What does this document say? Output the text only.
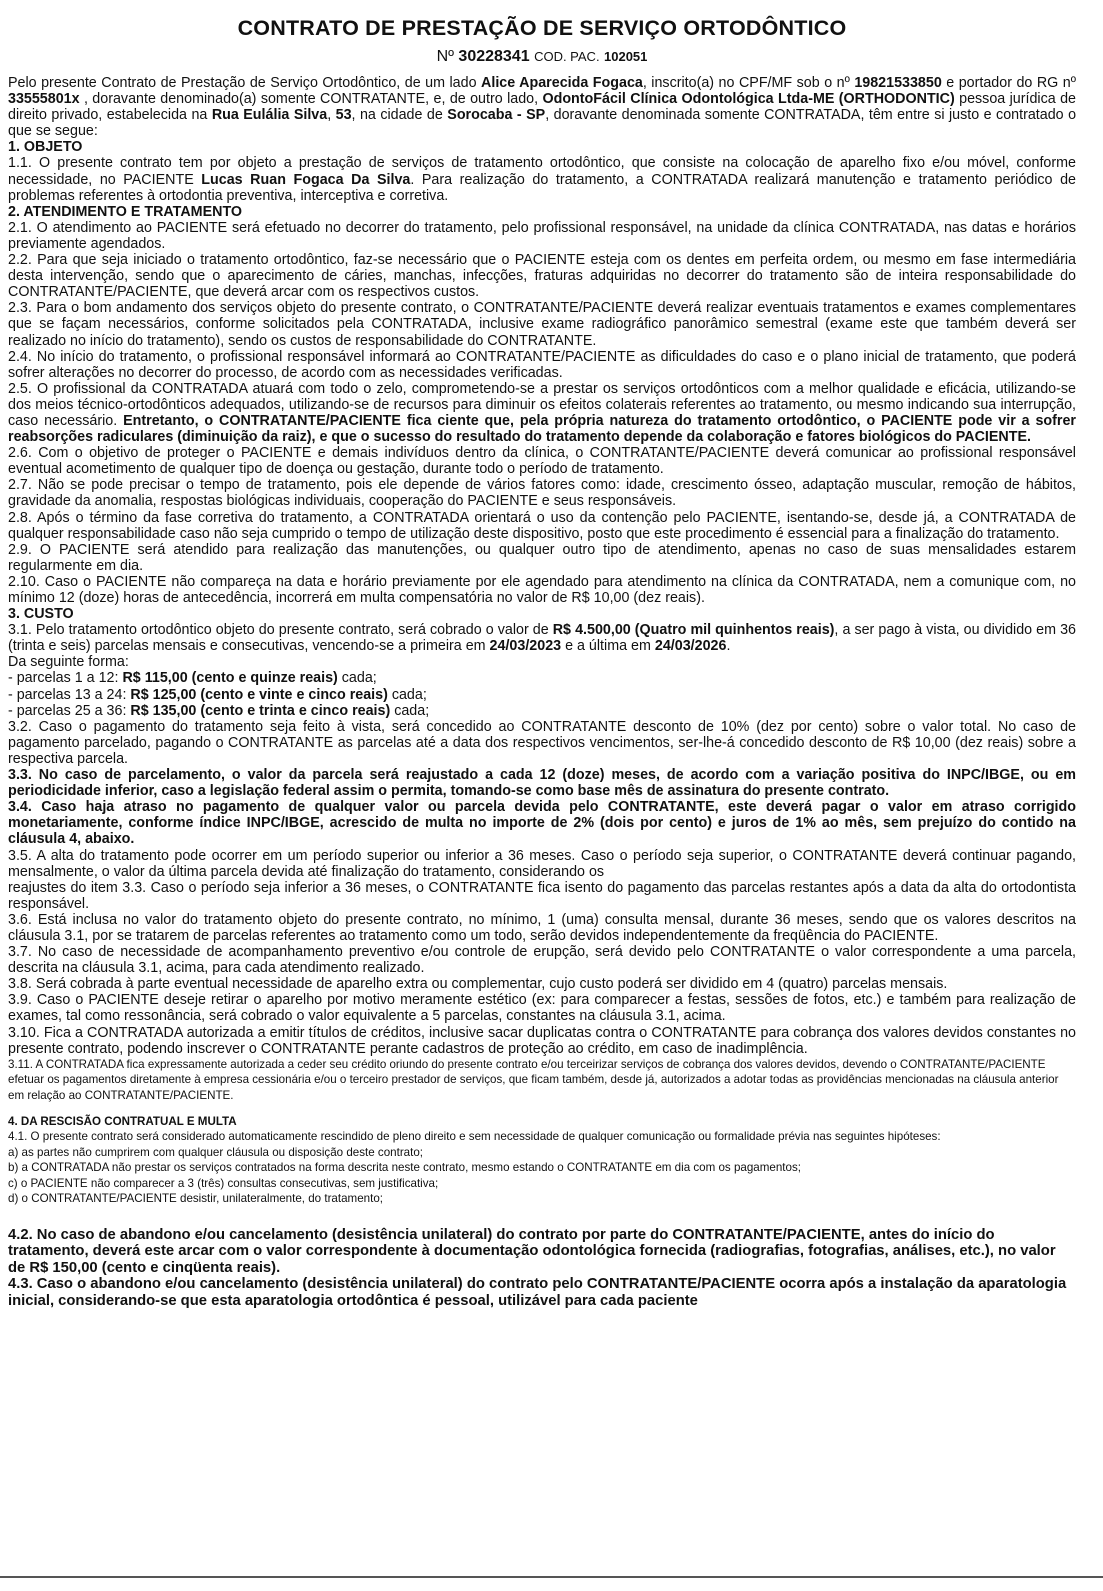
CONTRATO DE PRESTAÇÃO DE SERVIÇO ORTODÔNTICO
Nº 30228341 COD. PAC. 102051

Pelo presente Contrato de Prestação de Serviço Ortodôntico, de um lado Alice Aparecida Fogaca, inscrito(a) no CPF/MF sob o nº 19821533850 e portador do RG nº 33555801x , doravante denominado(a) somente CONTRATANTE, e, de outro lado, OdontoFácil Clínica Odontológica Ltda-ME (ORTHODONTIC) pessoa jurídica de direito privado, estabelecida na Rua Eulália Silva, 53, na cidade de Sorocaba - SP, doravante denominada somente CONTRATADA, têm entre si justo e contratado o que se segue:

1. OBJETO

1.1. O presente contrato tem por objeto a prestação de serviços de tratamento ortodôntico, que consiste na colocação de aparelho fixo e/ou móvel, conforme necessidade, no PACIENTE Lucas Ruan Fogaca Da Silva. Para realização do tratamento, a CONTRATADA realizará manutenção e tratamento periódico de problemas referentes à ortodontia preventiva, interceptiva e corretiva.

2. ATENDIMENTO E TRATAMENTO

2.1. O atendimento ao PACIENTE será efetuado no decorrer do tratamento, pelo profissional responsável, na unidade da clínica CONTRATADA, nas datas e horários previamente agendados.

2.2. Para que seja iniciado o tratamento ortodôntico, faz-se necessário que o PACIENTE esteja com os dentes em perfeita ordem, ou mesmo em fase intermediária desta intervenção, sendo que o aparecimento de cáries, manchas, infecções, fraturas adquiridas no decorrer do tratamento são de inteira responsabilidade do CONTRATANTE/PACIENTE, que deverá arcar com os respectivos custos.

2.3. Para o bom andamento dos serviços objeto do presente contrato, o CONTRATANTE/PACIENTE deverá realizar eventuais tratamentos e exames complementares que se façam necessários, conforme solicitados pela CONTRATADA, inclusive exame radiográfico panorâmico semestral (exame este que também deverá ser realizado no início do tratamento), sendo os custos de responsabilidade do CONTRATANTE.

2.4. No início do tratamento, o profissional responsável informará ao CONTRATANTE/PACIENTE as dificuldades do caso e o plano inicial de tratamento, que poderá sofrer alterações no decorrer do processo, de acordo com as necessidades verificadas.

2.5. O profissional da CONTRATADA atuará com todo o zelo, comprometendo-se a prestar os serviços ortodônticos com a melhor qualidade e eficácia, utilizando-se dos meios técnico-ortodônticos adequados, utilizando-se de recursos para diminuir os efeitos colaterais referentes ao tratamento, ou mesmo indicando sua interrupção, caso necessário. Entretanto, o CONTRATANTE/PACIENTE fica ciente que, pela própria natureza do tratamento ortodôntico, o PACIENTE pode vir a sofrer reabsorções radiculares (diminuição da raiz), e que o sucesso do resultado do tratamento depende da colaboração e fatores biológicos do PACIENTE.

2.6. Com o objetivo de proteger o PACIENTE e demais indivíduos dentro da clínica, o CONTRATANTE/PACIENTE deverá comunicar ao profissional responsável eventual acometimento de qualquer tipo de doença ou gestação, durante todo o período de tratamento.

2.7. Não se pode precisar o tempo de tratamento, pois ele depende de vários fatores como: idade, crescimento ósseo, adaptação muscular, remoção de hábitos, gravidade da anomalia, respostas biológicas individuais, cooperação do PACIENTE e seus responsáveis.

2.8. Após o término da fase corretiva do tratamento, a CONTRATADA orientará o uso da contenção pelo PACIENTE, isentando-se, desde já, a CONTRATADA de qualquer responsabilidade caso não seja cumprido o tempo de utilização deste dispositivo, posto que este procedimento é essencial para a finalização do tratamento.

2.9. O PACIENTE será atendido para realização das manutenções, ou qualquer outro tipo de atendimento, apenas no caso de suas mensalidades estarem regularmente em dia.

2.10. Caso o PACIENTE não compareça na data e horário previamente por ele agendado para atendimento na clínica da CONTRATADA, nem a comunique com, no mínimo 12 (doze) horas de antecedência, incorrerá em multa compensatória no valor de R$ 10,00 (dez reais).

3. CUSTO

3.1. Pelo tratamento ortodôntico objeto do presente contrato, será cobrado o valor de R$ 4.500,00 (Quatro mil quinhentos reais), a ser pago à vista, ou dividido em 36 (trinta e seis) parcelas mensais e consecutivas, vencendo-se a primeira em 24/03/2023 e a última em 24/03/2026.

Da seguinte forma:

- parcelas 1 a 12: R$ 115,00 (cento e quinze reais) cada;

- parcelas 13 a 24: R$ 125,00 (cento e vinte e cinco reais) cada;

- parcelas 25 a 36: R$ 135,00 (cento e trinta e cinco reais) cada;

3.2. Caso o pagamento do tratamento seja feito à vista, será concedido ao CONTRATANTE desconto de 10% (dez por cento) sobre o valor total. No caso de pagamento parcelado, pagando o CONTRATANTE as parcelas até a data dos respectivos vencimentos, ser-lhe-á concedido desconto de R$ 10,00 (dez reais) sobre a respectiva parcela.

3.3. No caso de parcelamento, o valor da parcela será reajustado a cada 12 (doze) meses, de acordo com a variação positiva do INPC/IBGE, ou em periodicidade inferior, caso a legislação federal assim o permita, tomando-se como base mês de assinatura do presente contrato.

3.4. Caso haja atraso no pagamento de qualquer valor ou parcela devida pelo CONTRATANTE, este deverá pagar o valor em atraso corrigido monetariamente, conforme índice INPC/IBGE, acrescido de multa no importe de 2% (dois por cento) e juros de 1% ao mês, sem prejuízo do contido na cláusula 4, abaixo.

3.5. A alta do tratamento pode ocorrer em um período superior ou inferior a 36 meses. Caso o período seja superior, o CONTRATANTE deverá continuar pagando, mensalmente, o valor da última parcela devida até finalização do tratamento, considerando os

reajustes do item 3.3. Caso o período seja inferior a 36 meses, o CONTRATANTE fica isento do pagamento das parcelas restantes após a data da alta do ortodontista responsável.

3.6. Está inclusa no valor do tratamento objeto do presente contrato, no mínimo, 1 (uma) consulta mensal, durante 36 meses, sendo que os valores descritos na cláusula 3.1, por se tratarem de parcelas referentes ao tratamento como um todo, serão devidos independentemente da freqüência do PACIENTE.

3.7. No caso de necessidade de acompanhamento preventivo e/ou controle de erupção, será devido pelo CONTRATANTE o valor correspondente a uma parcela, descrita na cláusula 3.1, acima, para cada atendimento realizado.

3.8. Será cobrada à parte eventual necessidade de aparelho extra ou complementar, cujo custo poderá ser dividido em 4 (quatro) parcelas mensais.

3.9. Caso o PACIENTE deseje retirar o aparelho por motivo meramente estético (ex: para comparecer a festas, sessões de fotos, etc.) e também para realização de exames, tal como ressonância, será cobrado o valor equivalente a 5 parcelas, constantes na cláusula 3.1, acima.

3.10. Fica a CONTRATADA autorizada a emitir títulos de créditos, inclusive sacar duplicatas contra o CONTRATANTE para cobrança dos valores devidos constantes no presente contrato, podendo inscrever o CONTRATANTE perante cadastros de proteção ao crédito, em caso de inadimplência.

3.11. A CONTRATADA fica expressamente autorizada a ceder seu crédito oriundo do presente contrato e/ou terceirizar serviços de cobrança dos valores devidos, devendo o CONTRATANTE/PACIENTE efetuar os pagamentos diretamente à empresa cessionária e/ou o terceiro prestador de serviços, que ficam também, desde já, autorizados a adotar todas as providências mencionadas na cláusula anterior em relação ao CONTRATANTE/PACIENTE.

4. DA RESCISÃO CONTRATUAL E MULTA

4.1. O presente contrato será considerado automaticamente rescindido de pleno direito e sem necessidade de qualquer comunicação ou formalidade prévia nas seguintes hipóteses:

a) as partes não cumprirem com qualquer cláusula ou disposição deste contrato;

b) a CONTRATADA não prestar os serviços contratados na forma descrita neste contrato, mesmo estando o CONTRATANTE em dia com os pagamentos;

c) o PACIENTE não comparecer a 3 (três) consultas consecutivas, sem justificativa;

d) o CONTRATANTE/PACIENTE desistir, unilateralmente, do tratamento;

4.2. No caso de abandono e/ou cancelamento (desistência unilateral) do contrato por parte do CONTRATANTE/PACIENTE, antes do início do tratamento, deverá este arcar com o valor correspondente à documentação odontológica fornecida (radiografias, fotografias, análises, etc.), no valor de R$ 150,00 (cento e cinqüenta reais).

4.3. Caso o abandono e/ou cancelamento (desistência unilateral) do contrato pelo CONTRATANTE/PACIENTE ocorra após a instalação da aparatologia inicial, considerando-se que esta aparatologia ortodôntica é pessoal, utilizável para cada paciente
